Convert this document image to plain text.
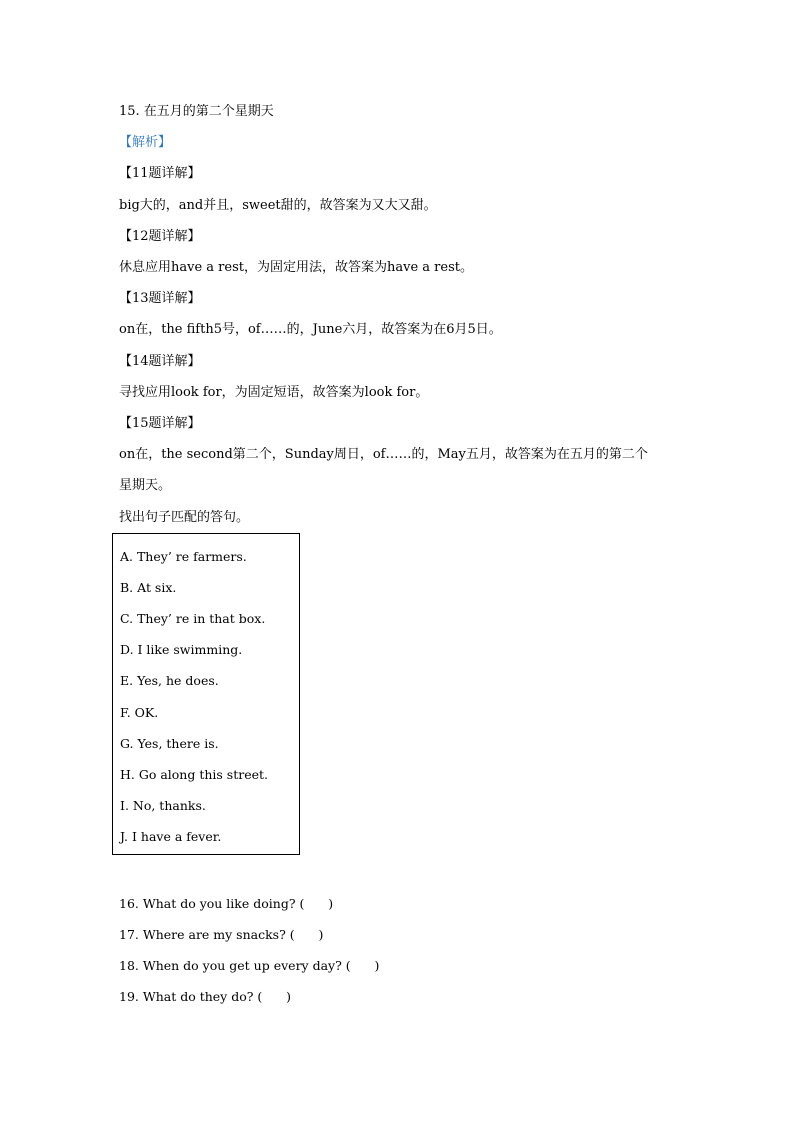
15. 在五月的第二个星期天
【解析】
【11题详解】
big大的，and并且，sweet甜的，故答案为又大又甜。
【12题详解】
休息应用have a rest，为固定用法，故答案为have a rest。
【13题详解】
on在，the fifth5号，of……的，June六月，故答案为在6月5日。
【14题详解】
寻找应用look for，为固定短语，故答案为look for。
【15题详解】
on在，the second第二个，Sunday周日，of……的，May五月，故答案为在五月的第二个
星期天。
找出句子匹配的答句。
A. They’ re farmers.
B. At six.
C. They’ re in that box.
D. I like swimming.
E. Yes, he does.
F. OK.
G. Yes, there is.
H. Go along this street.
I. No, thanks.
J. I have a fever.
16. What do you like doing? (      )
17. Where are my snacks? (      )
18. When do you get up every day? (      )
19. What do they do? (      )
